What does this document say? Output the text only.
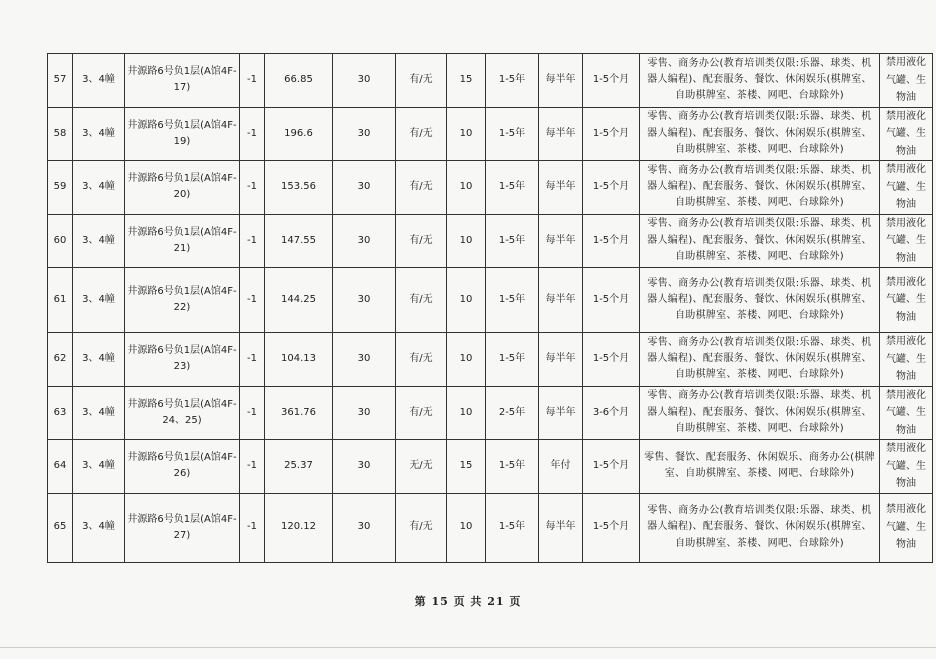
57	3、4幢	井源路6号负1层(A馆4F-17)	-1	66.85	30	有/无	15	1-5年	每半年	1-5个月	零售、商务办公(教育培训类仅限:乐器、球类、机器人编程)、配套服务、餐饮、休闲娱乐(棋牌室、自助棋牌室、茶楼、网吧、台球除外)	禁用液化气罐、生物油
58	3、4幢	井源路6号负1层(A馆4F-19)	-1	196.6	30	有/无	10	1-5年	每半年	1-5个月	零售、商务办公(教育培训类仅限:乐器、球类、机器人编程)、配套服务、餐饮、休闲娱乐(棋牌室、自助棋牌室、茶楼、网吧、台球除外)	禁用液化气罐、生物油
59	3、4幢	井源路6号负1层(A馆4F-20)	-1	153.56	30	有/无	10	1-5年	每半年	1-5个月	零售、商务办公(教育培训类仅限:乐器、球类、机器人编程)、配套服务、餐饮、休闲娱乐(棋牌室、自助棋牌室、茶楼、网吧、台球除外)	禁用液化气罐、生物油
60	3、4幢	井源路6号负1层(A馆4F-21)	-1	147.55	30	有/无	10	1-5年	每半年	1-5个月	零售、商务办公(教育培训类仅限:乐器、球类、机器人编程)、配套服务、餐饮、休闲娱乐(棋牌室、自助棋牌室、茶楼、网吧、台球除外)	禁用液化气罐、生物油
61	3、4幢	井源路6号负1层(A馆4F-22)	-1	144.25	30	有/无	10	1-5年	每半年	1-5个月	零售、商务办公(教育培训类仅限:乐器、球类、机器人编程)、配套服务、餐饮、休闲娱乐(棋牌室、自助棋牌室、茶楼、网吧、台球除外)	禁用液化气罐、生物油
62	3、4幢	井源路6号负1层(A馆4F-23)	-1	104.13	30	有/无	10	1-5年	每半年	1-5个月	零售、商务办公(教育培训类仅限:乐器、球类、机器人编程)、配套服务、餐饮、休闲娱乐(棋牌室、自助棋牌室、茶楼、网吧、台球除外)	禁用液化气罐、生物油
63	3、4幢	井源路6号负1层(A馆4F-24、25)	-1	361.76	30	有/无	10	2-5年	每半年	3-6个月	零售、商务办公(教育培训类仅限:乐器、球类、机器人编程)、配套服务、餐饮、休闲娱乐(棋牌室、自助棋牌室、茶楼、网吧、台球除外)	禁用液化气罐、生物油
64	3、4幢	井源路6号负1层(A馆4F-26)	-1	25.37	30	无/无	15	1-5年	年付	1-5个月	零售、餐饮、配套服务、休闲娱乐、商务办公(棋牌室、自助棋牌室、茶楼、网吧、台球除外)	禁用液化气罐、生物油
65	3、4幢	井源路6号负1层(A馆4F-27)	-1	120.12	30	有/无	10	1-5年	每半年	1-5个月	零售、商务办公(教育培训类仅限:乐器、球类、机器人编程)、配套服务、餐饮、休闲娱乐(棋牌室、自助棋牌室、茶楼、网吧、台球除外)	禁用液化气罐、生物油
第 15 页 共 21 页
